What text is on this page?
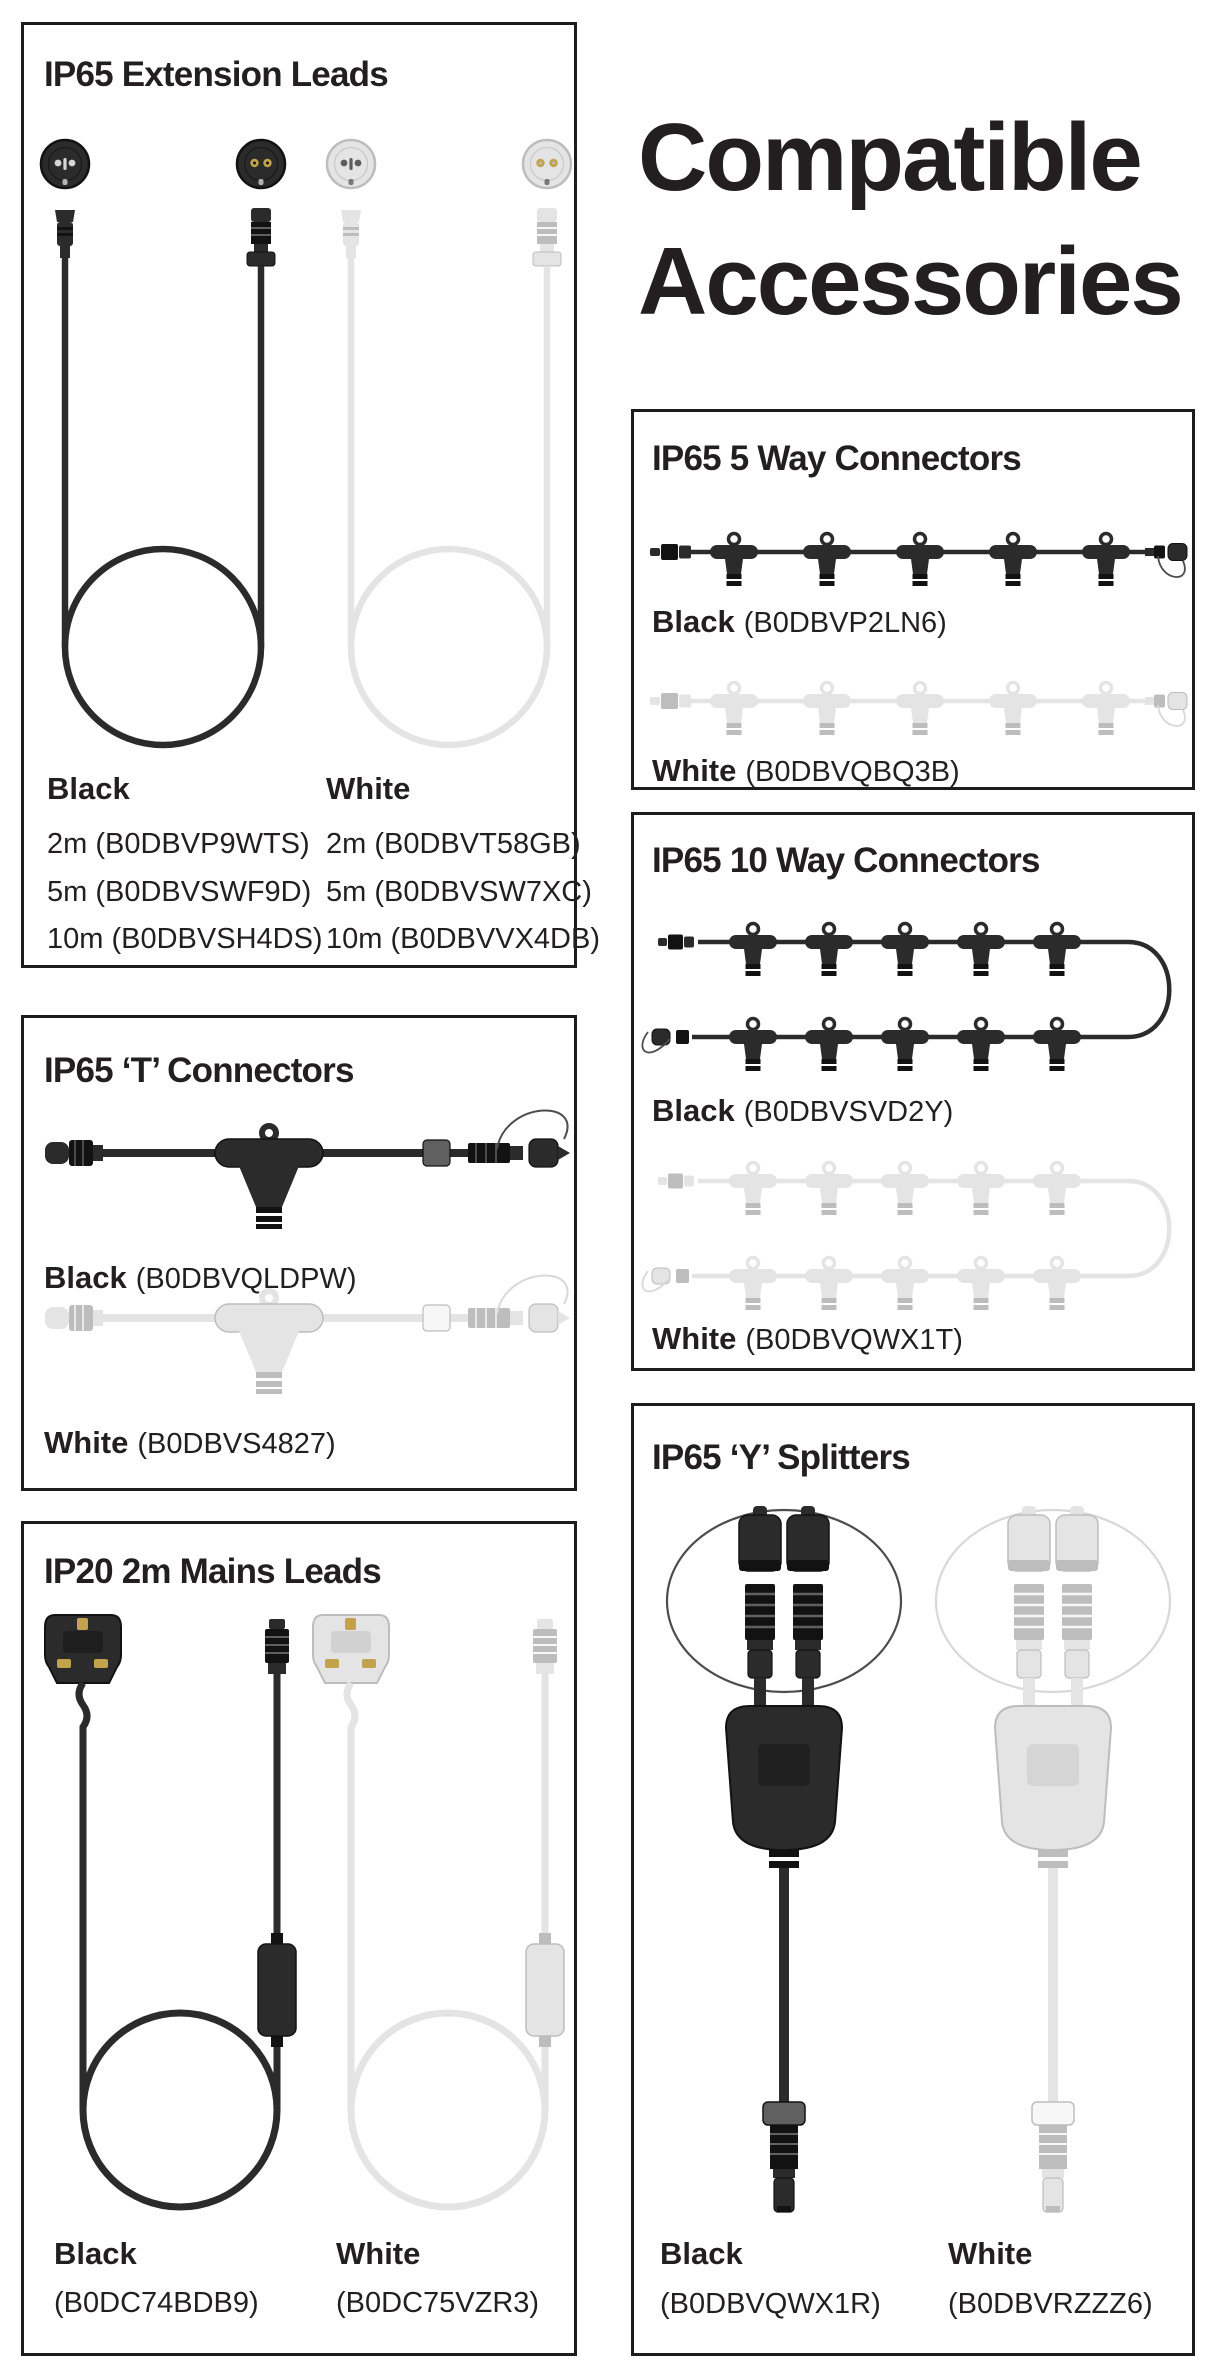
Compatible
Accessories
IP65 Extension Leads
Black	White
2m (B0DBVP9WTS)
5m (B0DBVSWF9D)
10m (B0DBVSH4DS)
2m (B0DBVT58GB)
5m (B0DBVSW7XC)
10m (B0DBVVX4DB)
IP65 5 Way Connectors
Black (B0DBVP2LN6)
White (B0DBVQBQ3B)
IP65 10 Way Connectors
Black (B0DBVSVD2Y)
White (B0DBVQWX1T)
IP65 ‘T’ Connectors
Black (B0DBVQLDPW)
White (B0DBVS4827)	IP65 ‘Y’ Splitters
Black
(B0DBVQWX1R)
White
(B0DBVRZZZ6)
IP20 2m Mains Leads
Black
(B0DC74BDB9)
White
(B0DC75VZR3)
